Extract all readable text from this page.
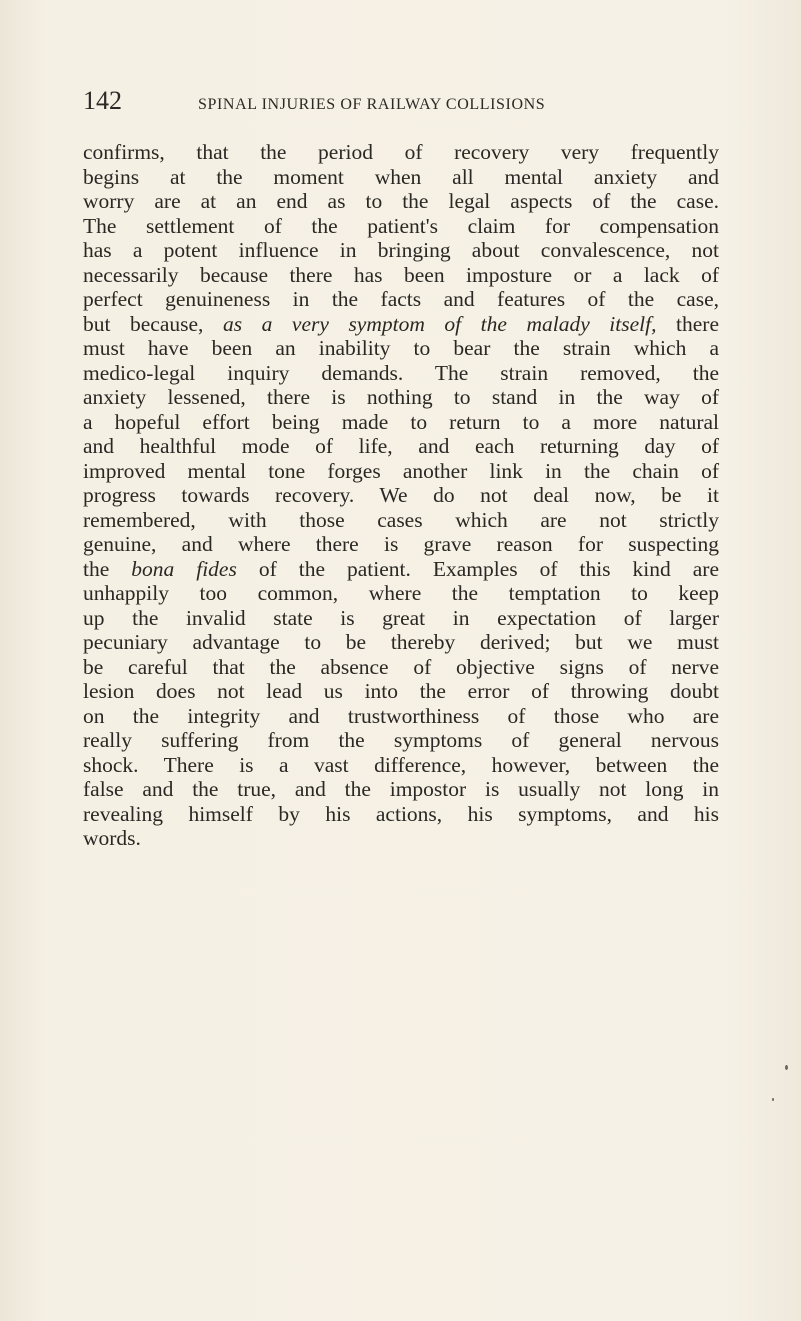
142	SPINAL INJURIES OF RAILWAY COLLISIONS
confirms, that the period of recovery very frequently
begins at the moment when all mental anxiety and
worry are at an end as to the legal aspects of the case.
The settlement of the patient's claim for compensation
has a potent influence in bringing about convalescence, not
necessarily because there has been imposture or a lack of
perfect genuineness in the facts and features of the case,
but because, as a very symptom of the malady itself, there
must have been an inability to bear the strain which a
medico-legal inquiry demands. The strain removed, the
anxiety lessened, there is nothing to stand in the way of
a hopeful effort being made to return to a more natural
and healthful mode of life, and each returning day of
improved mental tone forges another link in the chain of
progress towards recovery. We do not deal now, be it
remembered, with those cases which are not strictly
genuine, and where there is grave reason for suspecting
the bona fides of the patient. Examples of this kind are
unhappily too common, where the temptation to keep
up the invalid state is great in expectation of larger
pecuniary advantage to be thereby derived; but we must
be careful that the absence of objective signs of nerve
lesion does not lead us into the error of throwing doubt
on the integrity and trustworthiness of those who are
really suffering from the symptoms of general nervous
shock. There is a vast difference, however, between the
false and the true, and the impostor is usually not long in
revealing himself by his actions, his symptoms, and his
words.
